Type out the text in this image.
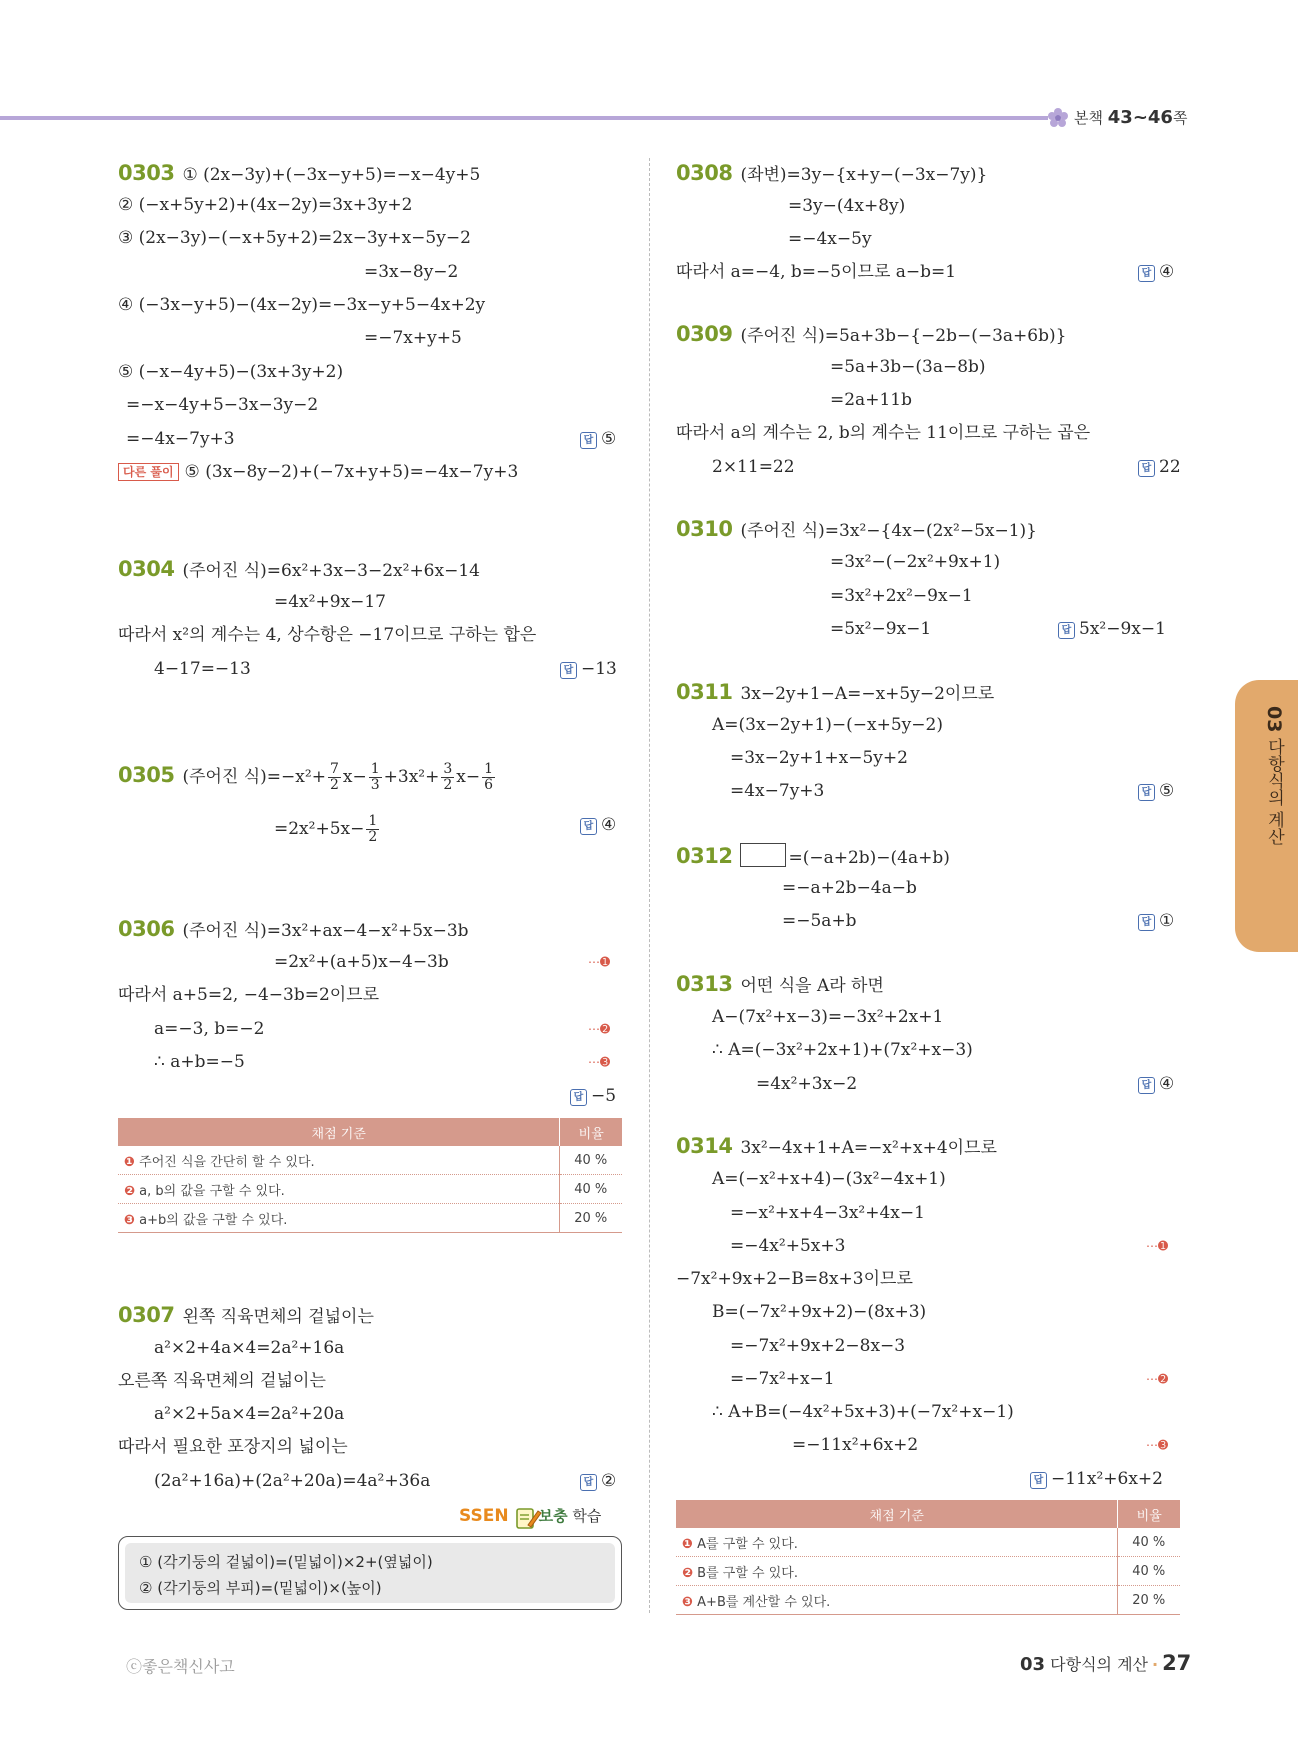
본책 43~46쪽
03 다항식의 계산
0303 ① (2x−3y)+(−3x−y+5)=−x−4y+5
② (−x+5y+2)+(4x−2y)=3x+3y+2
③ (2x−3y)−(−x+5y+2)=2x−3y+x−5y−2
=3x−8y−2
④ (−3x−y+5)−(4x−2y)=−3x−y+5−4x+2y
=−7x+y+5
⑤ (−x−4y+5)−(3x+3y+2)
=−x−4y+5−3x−3y−2
=−4x−7y+3	답 ⑤
다른 풀이 ⑤ (3x−8y−2)+(−7x+y+5)=−4x−7y+3
0304 (주어진 식)=6x²+3x−3−2x²+6x−14
=4x²+9x−17
따라서 x²의 계수는 4, 상수항은 −17이므로 구하는 합은
4−17=−13	답 −13
0305 (주어진 식)$=-x^2+ \frac{7}{2} x- \frac{1}{3} +3x^2+ \frac{3}{2} x- \frac{1}{6}$
$=2x^2+5x- \frac{1}{2}$	답 ④
0306 (주어진 식)=3x²+ax−4−x²+5x−3b
=2x²+(a+5)x−4−3b	⋯➊
따라서 a+5=2, −4−3b=2이므로
a=−3, b=−2	⋯➋
∴ a+b=−5	⋯➌
답 −5
채점 기준	비율
❶ 주어진 식을 간단히 할 수 있다.	40 %
❷ a, b의 값을 구할 수 있다.	40 %
❸ a+b의 값을 구할 수 있다.	20 %
0307 왼쪽 직육면체의 겉넓이는
a²×2+4a×4=2a²+16a
오른쪽 직육면체의 겉넓이는
a²×2+5a×4=2a²+20a
따라서 필요한 포장지의 넓이는
(2a²+16a)+(2a²+20a)=4a²+36a	답 ②
SSEN 보충 학습
① (각기둥의 겉넓이)=(밑넓이)×2+(옆넓이)
② (각기둥의 부피)=(밑넓이)×(높이)
0308 (좌변)=3y−{x+y−(−3x−7y)}
=3y−(4x+8y)
=−4x−5y
따라서 a=−4, b=−5이므로 a−b=1	답 ④
0309 (주어진 식)=5a+3b−{−2b−(−3a+6b)}
=5a+3b−(3a−8b)
=2a+11b
따라서 a의 계수는 2, b의 계수는 11이므로 구하는 곱은
2×11=22	답 22
0310 (주어진 식)=3x²−{4x−(2x²−5x−1)}
=3x²−(−2x²+9x+1)
=3x²+2x²−9x−1
=5x²−9x−1	답 5x²−9x−1
0311 3x−2y+1−A=−x+5y−2이므로
A=(3x−2y+1)−(−x+5y−2)
=3x−2y+1+x−5y+2
=4x−7y+3	답 ⑤
0312	=(−a+2b)−(4a+b)
=−a+2b−4a−b
=−5a+b	답 ①
0313 어떤 식을 A라 하면
A−(7x²+x−3)=−3x²+2x+1
∴ A=(−3x²+2x+1)+(7x²+x−3)
=4x²+3x−2	답 ④
0314 3x²−4x+1+A=−x²+x+4이므로
A=(−x²+x+4)−(3x²−4x+1)
=−x²+x+4−3x²+4x−1
=−4x²+5x+3	⋯➊
−7x²+9x+2−B=8x+3이므로
B=(−7x²+9x+2)−(8x+3)
=−7x²+9x+2−8x−3
=−7x²+x−1	⋯➋
∴ A+B=(−4x²+5x+3)+(−7x²+x−1)
=−11x²+6x+2	⋯➌
답 −11x²+6x+2
채점 기준	비율
❶ A를 구할 수 있다.	40 %
❷ B를 구할 수 있다.	40 %
❸ A+B를 계산할 수 있다.	20 %
ⓒ좋은책신사고	03 다항식의 계산 · 27
